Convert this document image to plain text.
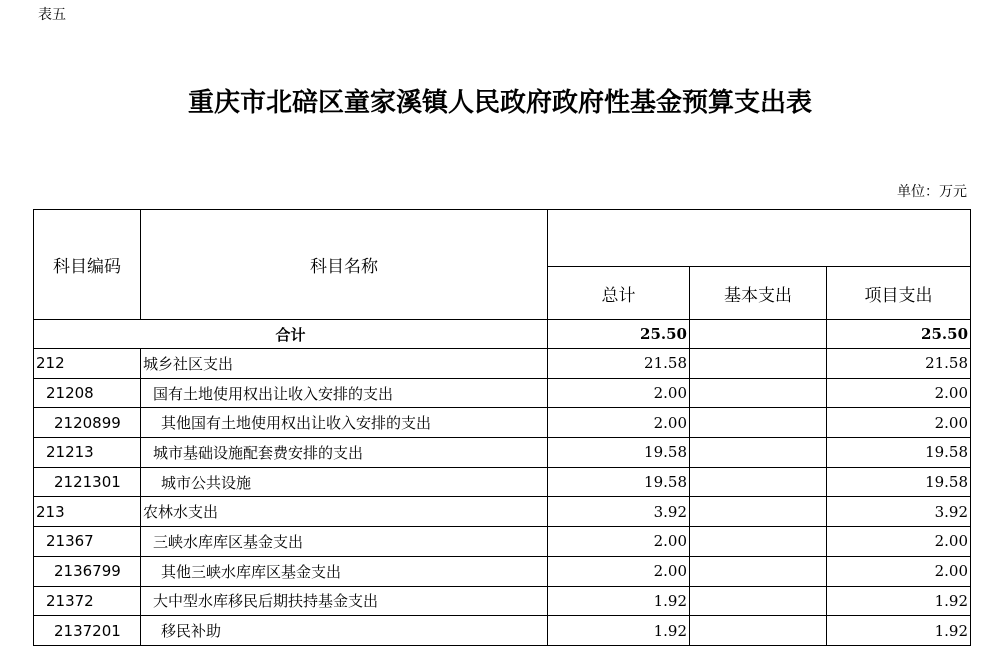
表五
重庆市北碚区童家溪镇人民政府政府性基金预算支出表
单位：万元
科目编码	科目名称			
		总计	基本支出	项目支出
合计		25.50		25.50
212	城乡社区支出	21.58		21.58
21208	国有土地使用权出让收入安排的支出	2.00		2.00
2120899	其他国有土地使用权出让收入安排的支出	2.00		2.00
21213	城市基础设施配套费安排的支出	19.58		19.58
2121301	城市公共设施	19.58		19.58
213	农林水支出	3.92		3.92
21367	三峡水库库区基金支出	2.00		2.00
2136799	其他三峡水库库区基金支出	2.00		2.00
21372	大中型水库移民后期扶持基金支出	1.92		1.92
2137201	移民补助	1.92		1.92
